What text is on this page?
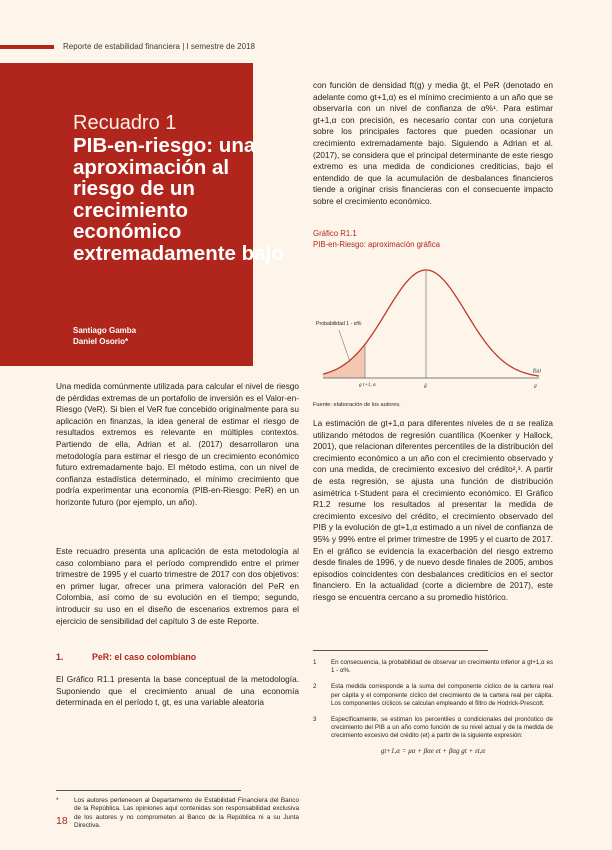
Reporte de estabilidad financiera | I semestre de 2018
Recuadro 1
PIB-en-riesgo: una aproximación al riesgo de un crecimiento económico extremadamente bajo
Santiago Gamba
Daniel Osorio*

Una medida comúnmente utilizada para calcular el nivel de riesgo de pérdidas extremas de un portafolio de inversión es el Valor-en-Riesgo (VeR). Si bien el VeR fue concebido originalmente para su aplicación en finanzas, la idea general de estimar el riesgo de resultados extremos es relevante en múltiples contextos. Partiendo de ella, Adrian et al. (2017) desarrollaron una metodología para estimar el riesgo de un crecimiento económico futuro extremadamente bajo. El método estima, con un nivel de confianza estadística determinado, el mínimo crecimiento que podría experimentar una economía (PIB-en-Riesgo: PeR) en un horizonte futuro (por ejemplo, un año).

Este recuadro presenta una aplicación de esta metodología al caso colombiano para el período comprendido entre el primer trimestre de 1995 y el cuarto trimestre de 2017 con dos objetivos: en primer lugar, ofrecer una primera valoración del PeR en Colombia, así como de su evolución en el tiempo; segundo, introducir su uso en el diseño de escenarios extremos para el ejercicio de sensibilidad del capítulo 3 de este Reporte.

1.	PeR: el caso colombiano

El Gráfico R1.1 presenta la base conceptual de la metodología. Suponiendo que el crecimiento anual de una economía determinada en el período t, gt, es una variable aleatoria

*	Los autores pertenecen al Departamento de Estabilidad Financiera del Banco de la República. Las opiniones aquí contenidas son responsabilidad exclusiva de los autores y no comprometen al Banco de la República ni a su Junta Directiva.
18

con función de densidad ft(g) y media ḡt, el PeR (denotado en adelante como gt+1,α) es el mínimo crecimiento a un año que se observaría con un nivel de confianza de α%¹. Para estimar gt+1,α con precisión, es necesario contar con una conjetura sobre los principales factores que pueden ocasionar un crecimiento extremadamente bajo. Siguiendo a Adrian et al. (2017), se considera que el principal determinante de este riesgo extremo es una medida de condiciones crediticias, bajo el entendido de que la acumulación de desbalances financieros tiende a originar crisis financieras con el consecuente impacto sobre el crecimiento económico.

Gráfico R1.1
PIB-en-Riesgo: aproximación gráfica
Probabilidad 1 - α%
f(g)
g t+1, α	ḡ	g
Fuente: elaboración de los autores.

La estimación de gt+1,α para diferentes niveles de α se realiza utilizando métodos de regresión cuantílica (Koenker y Hallock, 2001), que relacionan diferentes percentiles de la distribución del crecimiento económico a un año con el crecimiento observado y con una medida, de crecimiento excesivo del crédito²,³. A partir de esta regresión, se ajusta una función de distribución asimétrica t-Student para el crecimiento económico. El Gráfico R1.2 resume los resultados al presentar la medida de crecimiento excesivo del crédito, el crecimiento observado del PIB y la evolución de gt+1,α estimado a un nivel de confianza de 95% y 99% entre el primer trimestre de 1995 y el cuarto de 2017. En el gráfico se evidencia la exacerbación del riesgo extremo desde finales de 1996, y de nuevo desde finales de 2005, ambos episodios coincidentes con desbalances crediticios en el sector financiero. En la actualidad (corte a diciembre de 2017), este riesgo se encuentra cercano a su promedio histórico.

1	En consecuencia, la probabilidad de observar un crecimiento inferior a gt+1,α es 1 - α%.
2	Esta medida corresponde a la suma del componente cíclico de la cartera real per cápita y el componente cíclico del crecimiento de la cartera real per cápita. Los componentes cíclicos se calculan empleando el filtro de Hodrick-Prescott.
3	Específicamente, se estiman los percentiles α condicionales del pronóstico de crecimiento del PIB a un año como función de su nivel actual y de la medida de crecimiento excesivo del crédito (et) a partir de la siguiente expresión:
gt+1,α = μα + βαe et + βαg gt + εt,α
